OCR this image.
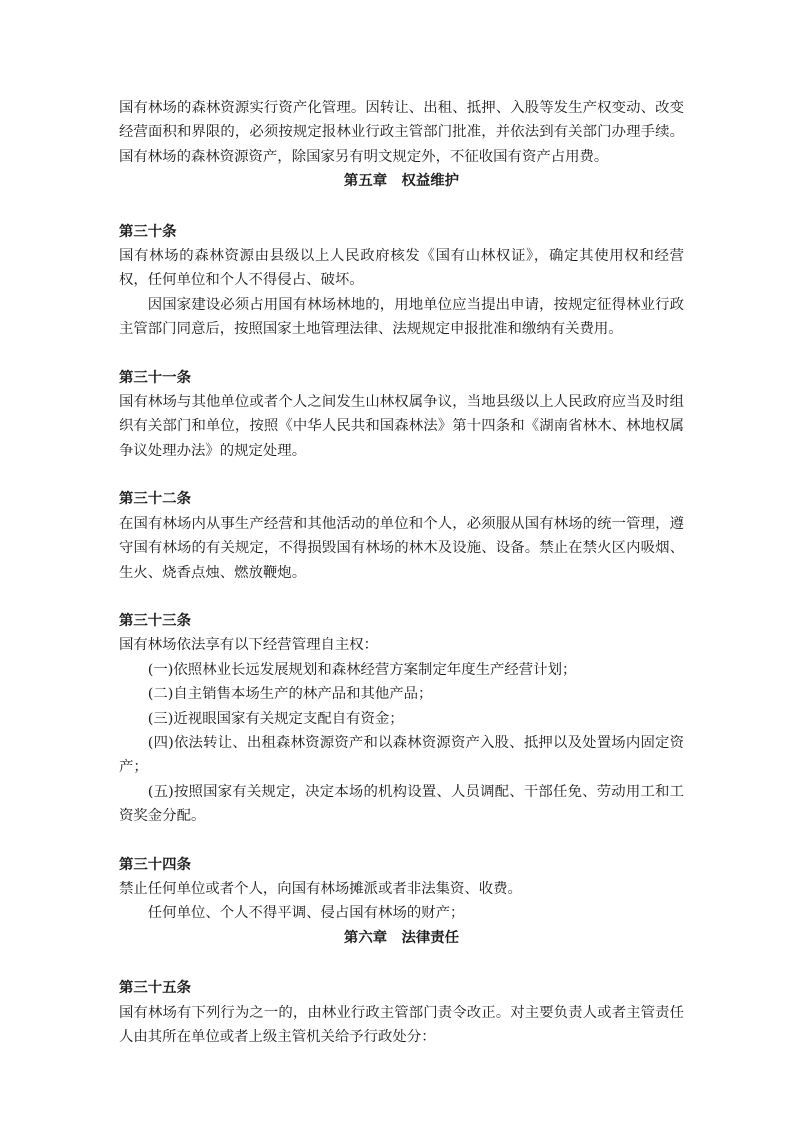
国有林场的森林资源实行资产化管理。因转让、出租、抵押、入股等发生产权变动、改变经营面积和界限的，必须按规定报林业行政主管部门批准，并依法到有关部门办理手续。国有林场的森林资源资产，除国家另有明文规定外，不征收国有资产占用费。

第五章　权益维护

第三十条

国有林场的森林资源由县级以上人民政府核发《国有山林权证》，确定其使用权和经营权，任何单位和个人不得侵占、破坏。

因国家建设必须占用国有林场林地的，用地单位应当提出申请，按规定征得林业行政主管部门同意后，按照国家土地管理法律、法规规定申报批准和缴纳有关费用。

第三十一条

国有林场与其他单位或者个人之间发生山林权属争议，当地县级以上人民政府应当及时组织有关部门和单位，按照《中华人民共和国森林法》第十四条和《湖南省林木、林地权属争议处理办法》的规定处理。

第三十二条

在国有林场内从事生产经营和其他活动的单位和个人，必须服从国有林场的统一管理，遵守国有林场的有关规定，不得损毁国有林场的林木及设施、设备。禁止在禁火区内吸烟、生火、烧香点烛、燃放鞭炮。

第三十三条

国有林场依法享有以下经营管理自主权：

(一)依照林业长远发展规划和森林经营方案制定年度生产经营计划；

(二)自主销售本场生产的林产品和其他产品；

(三)近视眼国家有关规定支配自有资金；

(四)依法转让、出租森林资源资产和以森林资源资产入股、抵押以及处置场内固定资产；

(五)按照国家有关规定，决定本场的机构设置、人员调配、干部任免、劳动用工和工资奖金分配。

第三十四条

禁止任何单位或者个人，向国有林场摊派或者非法集资、收费。

任何单位、个人不得平调、侵占国有林场的财产；

第六章　法律责任

第三十五条

国有林场有下列行为之一的，由林业行政主管部门责令改正。对主要负责人或者主管责任人由其所在单位或者上级主管机关给予行政处分：
